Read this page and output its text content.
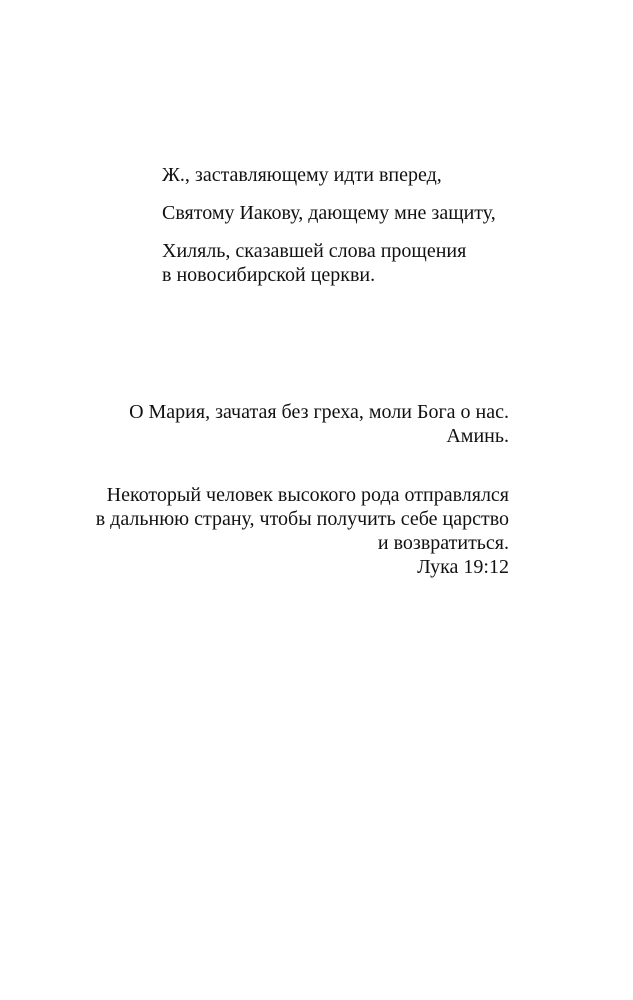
Ж., заставляющему идти вперед,

Святому Иакову, дающему мне защиту,

Хиляль, сказавшей слова прощения

в новосибирской церкви.

О Мария, зачатая без греха, моли Бога о нас.

Аминь.

Некоторый человек высокого рода отправлялся

в дальнюю страну, чтобы получить себе царство

и возвратиться.

Лука 19:12
